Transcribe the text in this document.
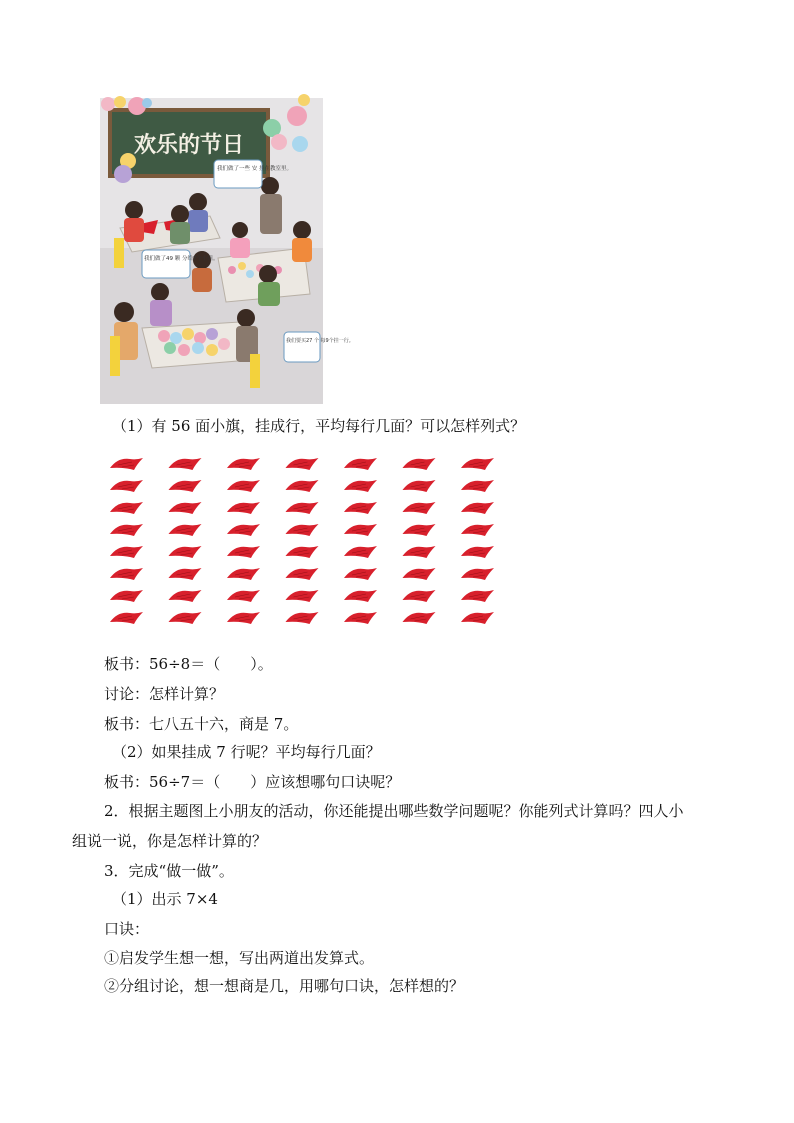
欢乐的节日
我们做了一些 安 挂在教室里。
我们做了49 颗 分给7个小组。
我们要买27 个 每9个挂一行。
（1）有 56 面小旗，挂成行，平均每行几面？可以怎样列式？
板书：56÷8＝（　　）。
讨论：怎样计算？
板书：七八五十六，商是 7。
（2）如果挂成 7 行呢？平均每行几面？
板书：56÷7＝（　　）应该想哪句口诀呢？
2．根据主题图上小朋友的活动，你还能提出哪些数学问题呢？你能列式计算吗？四人小
组说一说，你是怎样计算的？
3．完成“做一做”。
（1）出示 7×4
口诀：
①启发学生想一想，写出两道出发算式。
②分组讨论，想一想商是几，用哪句口诀，怎样想的？
